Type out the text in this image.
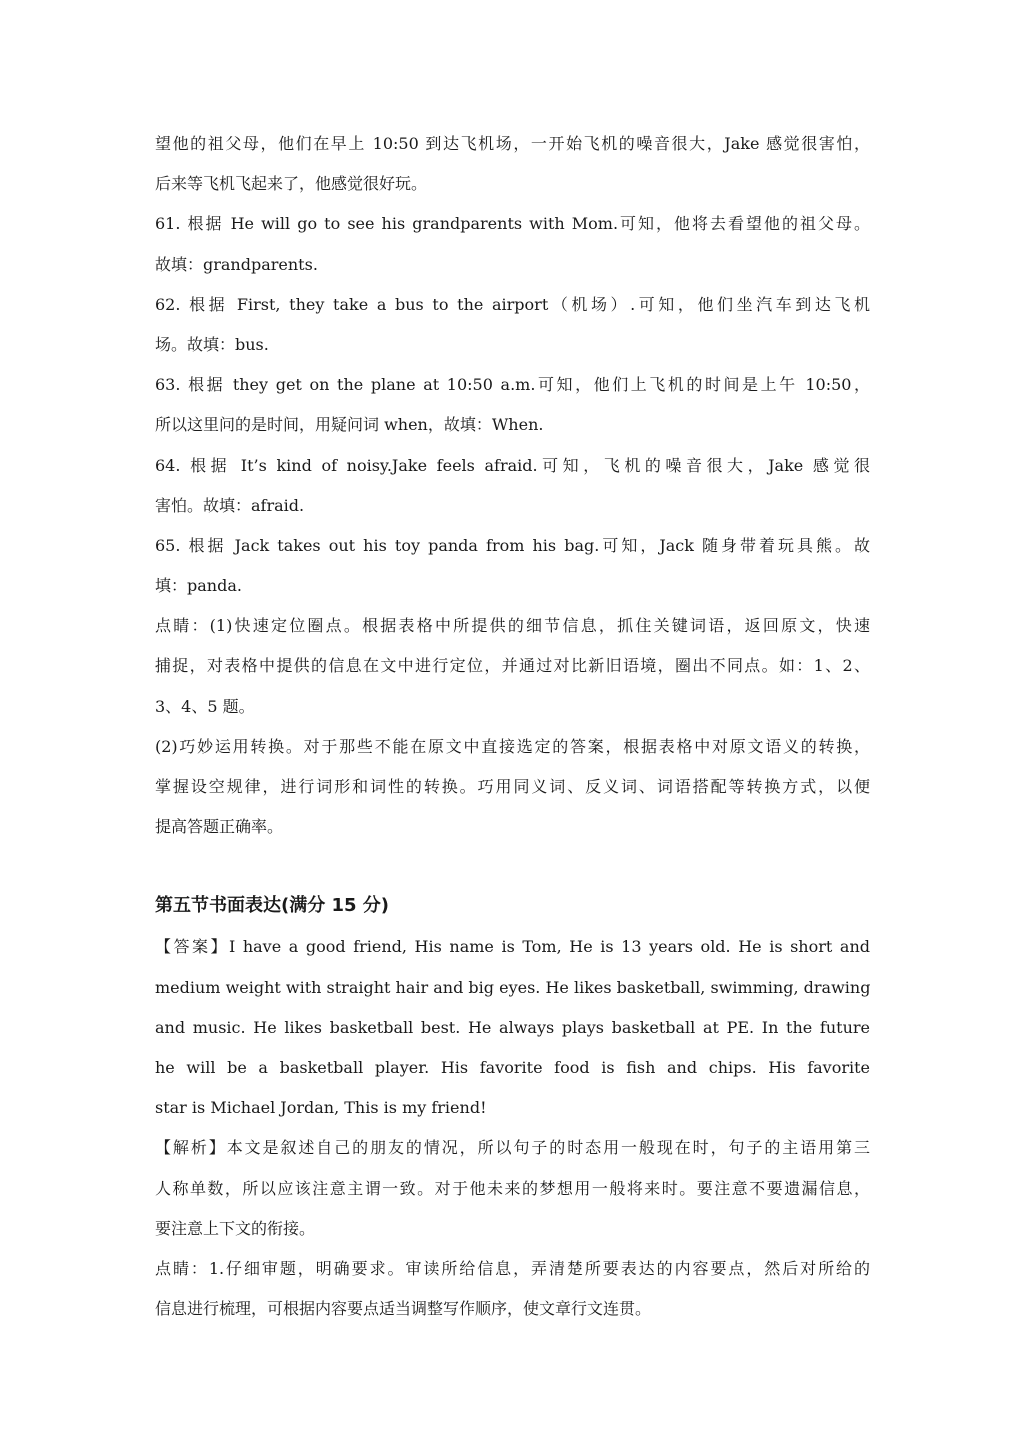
望他的祖父母，他们在早上 10:50 到达飞机场，一开始飞机的噪音很大，Jake 感觉很害怕，
后来等飞机飞起来了，他感觉很好玩。
61. 根据 He will go to see his grandparents with Mom.可知，他将去看望他的祖父母。
故填：grandparents.
62. 根据 First, they take a bus to the airport（机场）.可知，他们坐汽车到达飞机
场。故填：bus.
63. 根据 they get on the plane at 10:50 a.m.可知，他们上飞机的时间是上午 10:50，
所以这里问的是时间，用疑问词 when，故填：When.
64. 根据 It’s kind of noisy.Jake feels afraid.可知，飞机的噪音很大，Jake 感觉很
害怕。故填：afraid.
65. 根据 Jack takes out his toy panda from his bag.可知，Jack 随身带着玩具熊。故
填：panda.
点睛：(1)快速定位圈点。根据表格中所提供的细节信息，抓住关键词语，返回原文，快速
捕捉，对表格中提供的信息在文中进行定位，并通过对比新旧语境，圈出不同点。如：1、2、
3、4、5 题。
(2)巧妙运用转换。对于那些不能在原文中直接选定的答案，根据表格中对原文语义的转换，
掌握设空规律，进行词形和词性的转换。巧用同义词、反义词、词语搭配等转换方式，以便
提高答题正确率。
第五节书面表达(满分 15 分)
【答案】I have a good friend, His name is Tom, He is 13 years old. He is short and
medium weight with straight hair and big eyes. He likes basketball, swimming, drawing
and music. He likes basketball best. He always plays basketball at PE. In the future
he will be a basketball player. His favorite food is fish and chips. His favorite
star is Michael Jordan, This is my friend!
【解析】本文是叙述自己的朋友的情况，所以句子的时态用一般现在时，句子的主语用第三
人称单数，所以应该注意主谓一致。对于他未来的梦想用一般将来时。要注意不要遗漏信息，
要注意上下文的衔接。
点睛：1.仔细审题，明确要求。审读所给信息，弄清楚所要表达的内容要点，然后对所给的
信息进行梳理，可根据内容要点适当调整写作顺序，使文章行文连贯。
